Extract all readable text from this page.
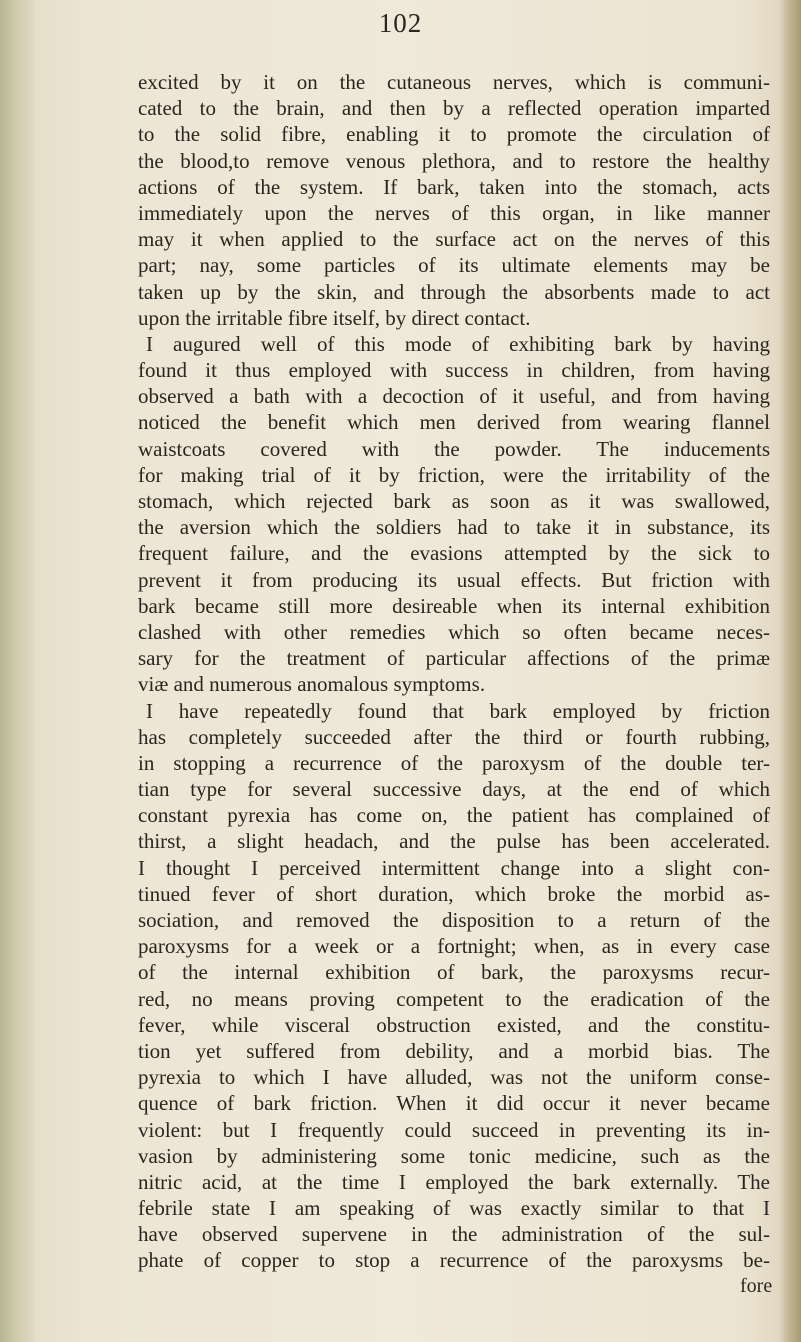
102
excited by it on the cutaneous nerves, which is communi-
cated to the brain, and then by a reflected operation imparted
to the solid fibre, enabling it to promote the circulation of
the blood,to remove venous plethora, and to restore the healthy
actions of the system. If bark, taken into the stomach, acts
immediately upon the nerves of this organ, in like manner
may it when applied to the surface act on the nerves of this
part; nay, some particles of its ultimate elements may be
taken up by the skin, and through the absorbents made to act
upon the irritable fibre itself, by direct contact.
I augured well of this mode of exhibiting bark by having
found it thus employed with success in children, from having
observed a bath with a decoction of it useful, and from having
noticed the benefit which men derived from wearing flannel
waistcoats covered with the powder. The inducements
for making trial of it by friction, were the irritability of the
stomach, which rejected bark as soon as it was swallowed,
the aversion which the soldiers had to take it in substance, its
frequent failure, and the evasions attempted by the sick to
prevent it from producing its usual effects. But friction with
bark became still more desireable when its internal exhibition
clashed with other remedies which so often became neces-
sary for the treatment of particular affections of the primæ
viæ and numerous anomalous symptoms.
I have repeatedly found that bark employed by friction
has completely succeeded after the third or fourth rubbing,
in stopping a recurrence of the paroxysm of the double ter-
tian type for several successive days, at the end of which
constant pyrexia has come on, the patient has complained of
thirst, a slight headach, and the pulse has been accelerated.
I thought I perceived intermittent change into a slight con-
tinued fever of short duration, which broke the morbid as-
sociation, and removed the disposition to a return of the
paroxysms for a week or a fortnight; when, as in every case
of the internal exhibition of bark, the paroxysms recur-
red, no means proving competent to the eradication of the
fever, while visceral obstruction existed, and the constitu-
tion yet suffered from debility, and a morbid bias. The
pyrexia to which I have alluded, was not the uniform conse-
quence of bark friction. When it did occur it never became
violent: but I frequently could succeed in preventing its in-
vasion by administering some tonic medicine, such as the
nitric acid, at the time I employed the bark externally. The
febrile state I am speaking of was exactly similar to that I
have observed supervene in the administration of the sul-
phate of copper to stop a recurrence of the paroxysms be-
fore
